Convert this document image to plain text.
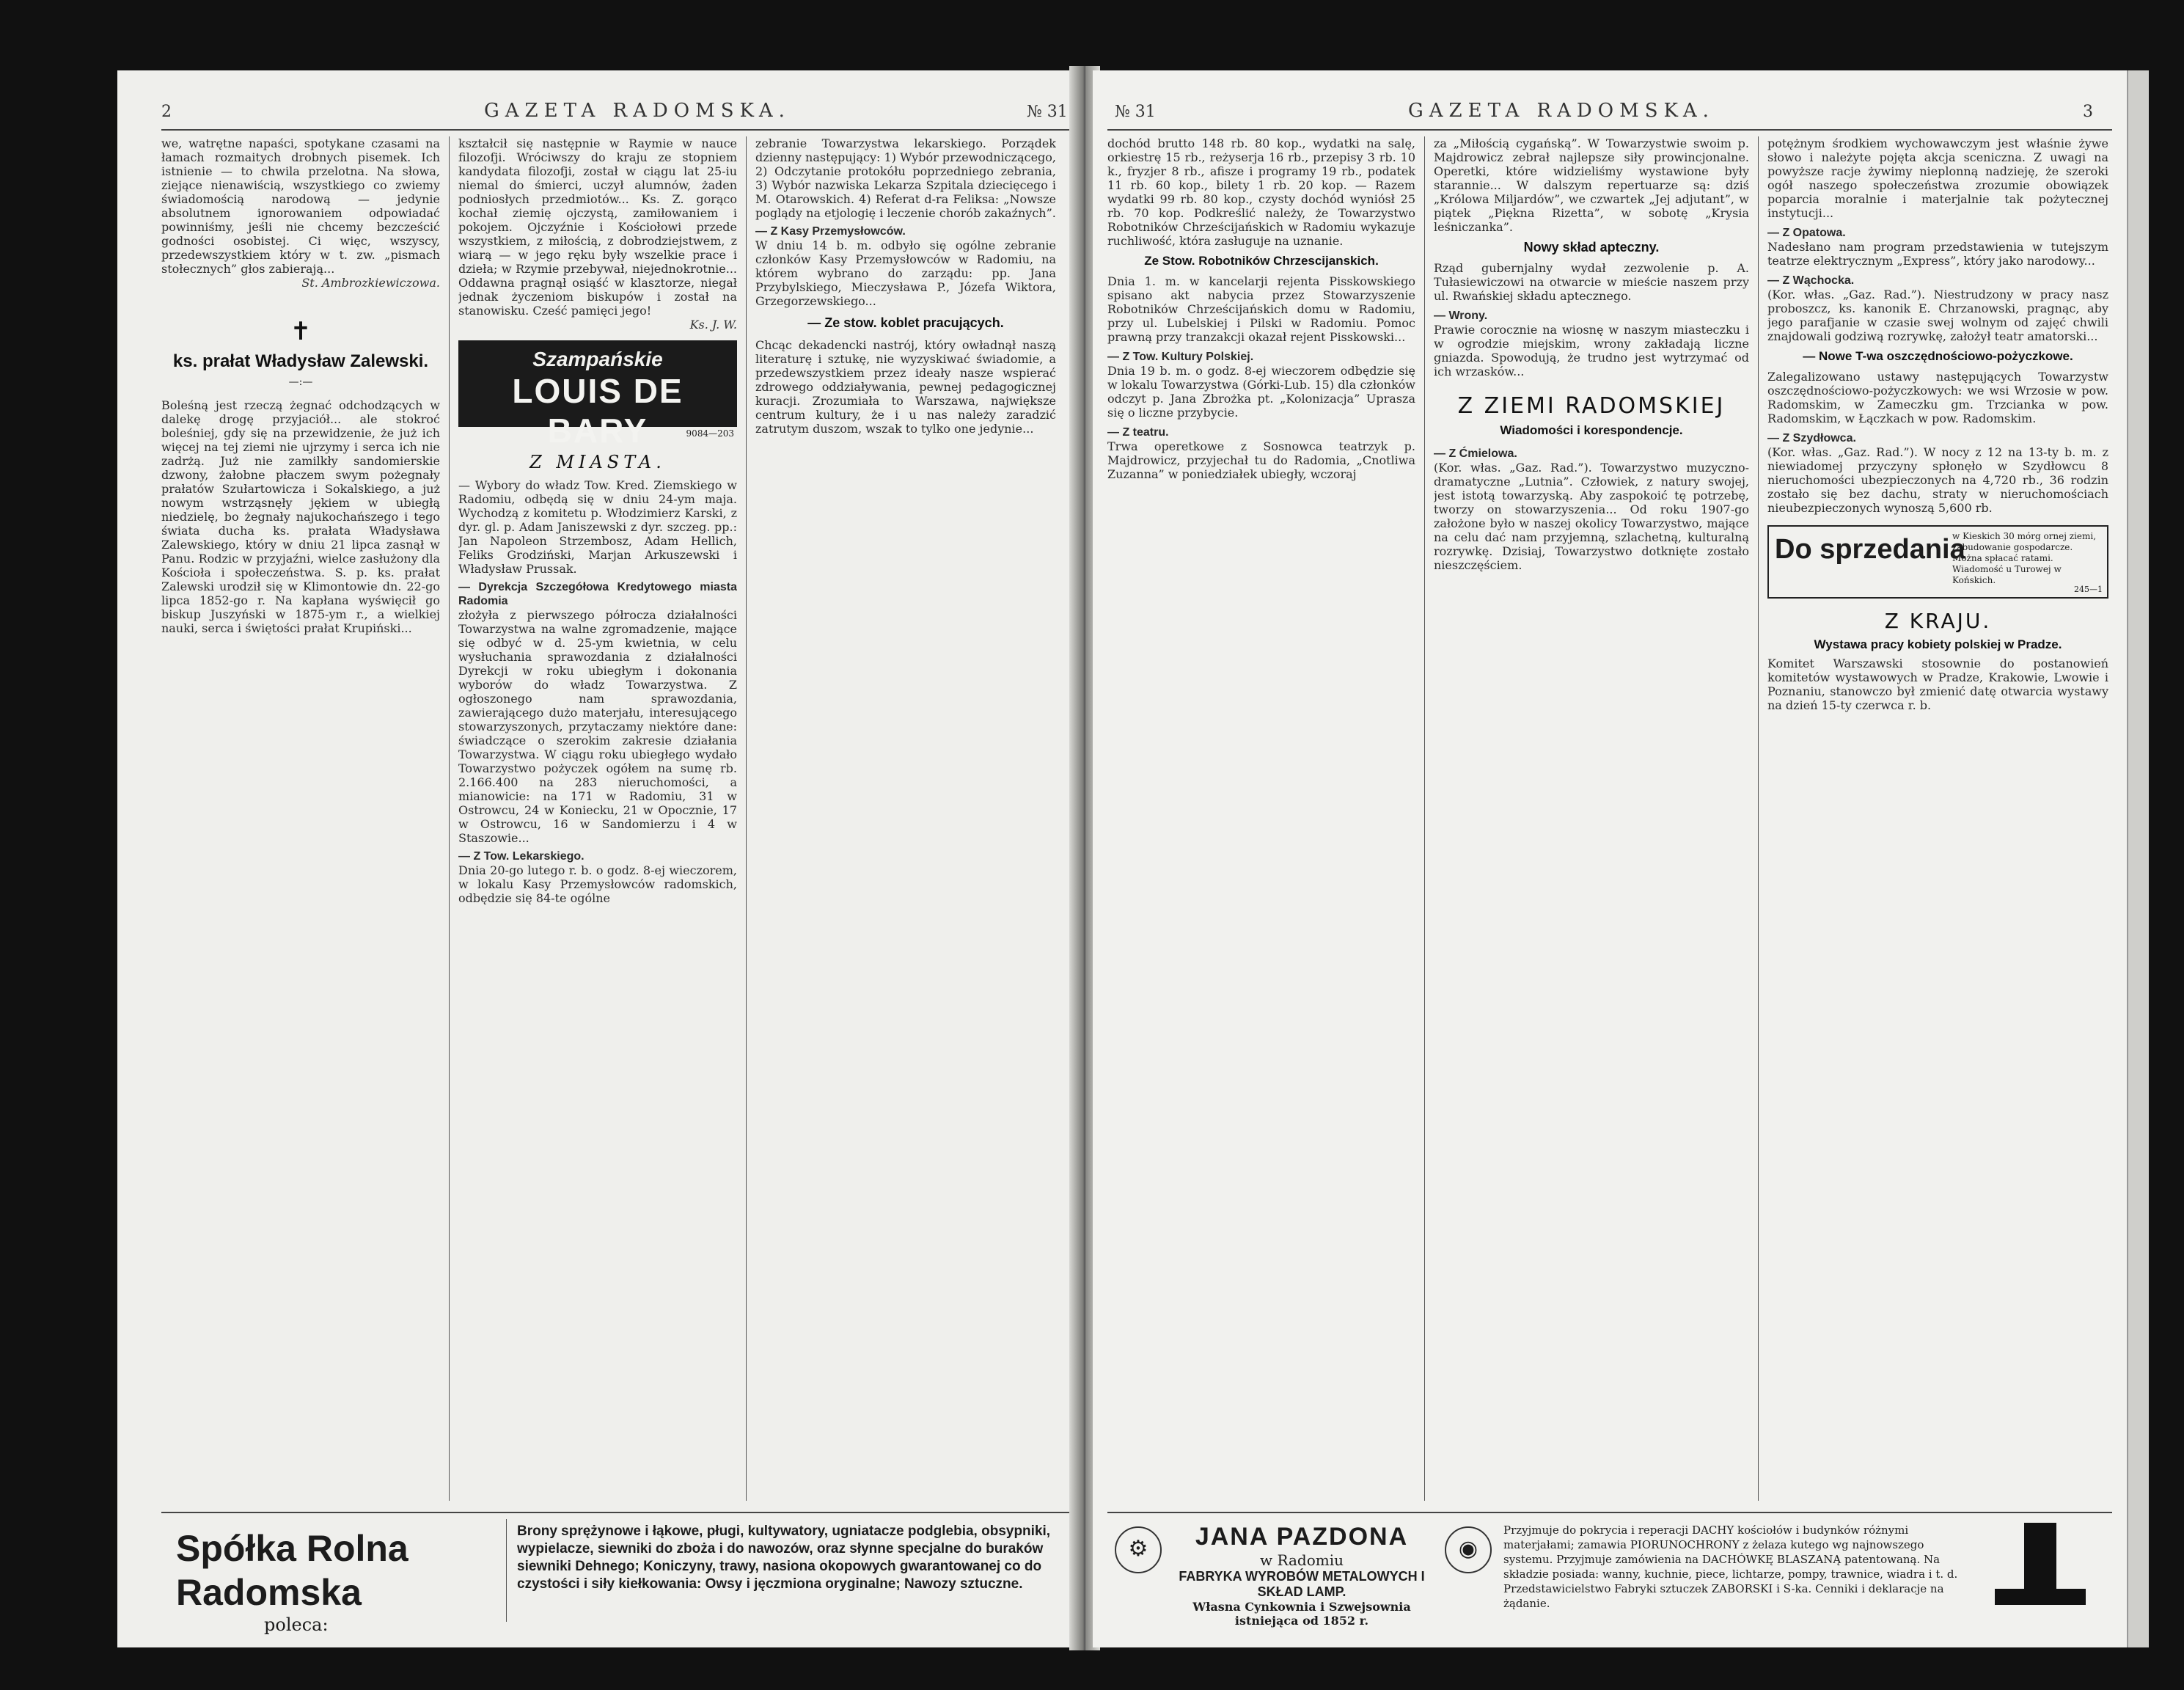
2	GAZETA RADOMSKA.	№ 31
we, watrętne napaści, spotykane czasami na łamach rozmaitych drobnych pisemek. Ich istnienie — to chwila przelotna. Na słowa, ziejące nienawiścią, wszystkiego co zwiemy świadomością narodową — jedynie absolutnem ignorowaniem odpowiadać powinniśmy, jeśli nie chcemy bezcześcić godności osobistej. Ci więc, wszyscy, przedewszystkiem który w t. zw. „pismach stołecznych” głos zabierają...
St. Ambrozkiewiczowa.
✝
ks. prałat Władysław Zalewski.
—:—
Boleśną jest rzeczą żegnać odchodzących w dalekę drogę przyjaciół... ale stokroć boleśniej, gdy się na przewidzenie, że już ich więcej na tej ziemi nie ujrzymy i serca ich nie zadrżą. Już nie zamilkły sandomierskie dzwony, żałobne płaczem swym pożegnały prałatów Szułartowicza i Sokalskiego, a już nowym wstrząsnęły jękiem w ubiegłą niedzielę, bo żegnały najukochańszego i tego świata ducha ks. prałata Władysława Zalewskiego, który w dniu 21 lipca zasnął w Panu. Rodzic w przyjaźni, wielce zasłużony dla Kościoła i społeczeństwa. S. p. ks. prałat Zalewski urodził się w Klimontowie dn. 22-go lipca 1852-go r. Na kapłana wyświęcił go biskup Juszyński w 1875-ym r., a wielkiej nauki, serca i świętości prałat Krupiński...
kształcił się następnie w Raymie w nauce filozofji. Wróciwszy do kraju ze stopniem kandydata filozofji, został w ciągu lat 25-iu niemal do śmierci, uczył alumnów, żaden podniosłych przedmiotów... Ks. Z. gorąco kochał ziemię ojczystą, zamiłowaniem i pokojem. Ojczyźnie i Kościołowi przede wszystkiem, z miłością, z dobrodziejstwem, z wiarą — w jego ręku były wszelkie prace i dzieła; w Rzymie przebywał, niejednokrotnie... Oddawna pragnął osiąść w klasztorze, niegał jednak życzeniom biskupów i został na stanowisku. Cześć pamięci jego!
Ks. J. W.
Szampańskie
LOUIS DE BARY	9084—203
Z MIASTA.
— Wybory do władz Tow. Kred. Ziemskiego w Radomiu, odbędą się w dniu 24-ym maja. Wychodzą z komitetu p. Włodzimierz Karski, z dyr. gl. p. Adam Janiszewski z dyr. szczeg. pp.: Jan Napoleon Strzembosz, Adam Hellich, Feliks Grodziński, Marjan Arkuszewski i Władysław Prussak.
— Dyrekcja Szczegółowa Kredytowego miasta Radomia
złożyła z pierwszego półrocza działalności Towarzystwa na walne zgromadzenie, mające się odbyć w d. 25-ym kwietnia, w celu wysłuchania sprawozdania z działalności Dyrekcji w roku ubiegłym i dokonania wyborów do władz Towarzystwa. Z ogłoszonego nam sprawozdania, zawierającego dużo materjału, interesującego stowarzyszonych, przytaczamy niektóre dane: świadczące o szerokim zakresie działania Towarzystwa. W ciągu roku ubiegłego wydało Towarzystwo pożyczek ogółem na sumę rb. 2.166.400 na 283 nieruchomości, a mianowicie: na 171 w Radomiu, 31 w Ostrowcu, 24 w Koniecku, 21 w Opocznie, 17 w Ostrowcu, 16 w Sandomierzu i 4 w Staszowie...
— Z Tow. Lekarskiego.
Dnia 20-go lutego r. b. o godz. 8-ej wieczorem, w lokalu Kasy Przemysłowców radomskich, odbędzie się 84-te ogólne
zebranie Towarzystwa lekarskiego. Porządek dzienny następujący: 1) Wybór przewodniczącego, 2) Odczytanie protokółu poprzedniego zebrania, 3) Wybór nazwiska Lekarza Szpitala dziecięcego i M. Otarowskich. 4) Referat d-ra Feliksa: „Nowsze poglądy na etjologię i leczenie chorób zakaźnych”.
— Z Kasy Przemysłowców.
W dniu 14 b. m. odbyło się ogólne zebranie członków Kasy Przemysłowców w Radomiu, na którem wybrano do zarządu: pp. Jana Przybylskiego, Mieczysława P., Józefa Wiktora, Grzegorzewskiego...
— Ze stow. koblet pracujących.
Chcąc dekadencki nastrój, który owładnął naszą literaturę i sztukę, nie wyzyskiwać świadomie, a przedewszystkiem przez ideały nasze wspierać zdrowego oddziaływania, pewnej pedagogicznej kuracji. Zrozumiała to Warszawa, największe centrum kultury, że i u nas należy zaradzić zatrutym duszom, wszak to tylko one jedynie...
Spółka Rolna Radomska
poleca:
Brony sprężynowe i łąkowe, pługi, kultywatory, ugniatacze podglebia, obsypniki, wypielacze, siewniki do zboża i do nawozów, oraz słynne specjalne do buraków siewniki Dehnego; Koniczyny, trawy, nasiona okopowych gwarantowanej co do czystości i siły kiełkowania: Owsy i jęczmiona oryginalne; Nawozy sztuczne.
№ 31	GAZETA RADOMSKA.	3
dochód brutto 148 rb. 80 kop., wydatki na salę, orkiestrę 15 rb., reżyserja 16 rb., przepisy 3 rb. 10 k., fryzjer 8 rb., afisze i programy 19 rb., podatek 11 rb. 60 kop., bilety 1 rb. 20 kop. — Razem wydatki 99 rb. 80 kop., czysty dochód wyniósł 25 rb. 70 kop. Podkreślić należy, że Towarzystwo Robotników Chrześcijańskich w Radomiu wykazuje ruchliwość, która zasługuje na uznanie.
Ze Stow. Robotników Chrzescijanskich.
Dnia 1. m. w kancelarji rejenta Pisskowskiego spisano akt nabycia przez Stowarzyszenie Robotników Chrześcijańskich domu w Radomiu, przy ul. Lubelskiej i Pilski w Radomiu. Pomoc prawną przy tranzakcji okazał rejent Pisskowski...
— Z Tow. Kultury Polskiej.
Dnia 19 b. m. o godz. 8-ej wieczorem odbędzie się w lokalu Towarzystwa (Górki-Lub. 15) dla członków odczyt p. Jana Zbrożka pt. „Kolonizacja” Uprasza się o liczne przybycie.
— Z teatru.
Trwa operetkowe z Sosnowca teatrzyk p. Majdrowicz, przyjechał tu do Radomia, „Cnotliwa Zuzanna” w poniedziałek ubiegły, wczoraj
za „Miłością cygańską”. W Towarzystwie swoim p. Majdrowicz zebrał najlepsze siły prowincjonalne. Operetki, które widzieliśmy wystawione były starannie... W dalszym repertuarze są: dziś „Królowa Miljardów”, we czwartek „Jej adjutant”, w piątek „Piękna Rizetta”, w sobotę „Krysia leśniczanka”.
Nowy skład apteczny.
Rząd gubernjalny wydał zezwolenie p. A. Tułasiewiczowi na otwarcie w mieście naszem przy ul. Rwańskiej składu aptecznego.
— Wrony.
Prawie corocznie na wiosnę w naszym miasteczku i w ogrodzie miejskim, wrony zakładają liczne gniazda. Spowodują, że trudno jest wytrzymać od ich wrzasków...
Z ZIEMI RADOMSKIEJ
Wiadomości i korespondencje.
— Z Ćmielowa.
(Kor. włas. „Gaz. Rad.”). Towarzystwo muzyczno-dramatyczne „Lutnia”. Człowiek, z natury swojej, jest istotą towarzyską. Aby zaspokoić tę potrzebę, tworzy on stowarzyszenia... Od roku 1907-go założone było w naszej okolicy Towarzystwo, mające na celu dać nam przyjemną, szlachetną, kulturalną rozrywkę. Dzisiaj, Towarzystwo dotknięte zostało nieszczęściem.
potężnym środkiem wychowawczym jest właśnie żywe słowo i należyte pojęta akcja sceniczna. Z uwagi na powyższe racje żywimy nieplonną nadzieję, że szeroki ogół naszego społeczeństwa zrozumie obowiązek poparcia moralnie i materjalnie tak pożytecznej instytucji...
— Z Opatowa.
Nadesłano nam program przedstawienia w tutejszym teatrze elektrycznym „Express”, który jako narodowy...
— Z Wąchocka.
(Kor. włas. „Gaz. Rad.”). Niestrudzony w pracy nasz proboszcz, ks. kanonik E. Chrzanowski, pragnąc, aby jego parafjanie w czasie swej wolnym od zajęć chwili znajdowali godziwą rozrywkę, założył teatr amatorski...
— Nowe T-wa oszczędnościowo-pożyczkowe.
Zalegalizowano ustawy następujących Towarzystw oszczędnościowo-pożyczkowych: we wsi Wrzosie w pow. Radomskim, w Zameczku gm. Trzcianka w pow. Radomskim, w Łączkach w pow. Radomskim.
— Z Szydłowca.
(Kor. włas. „Gaz. Rad.”). W nocy z 12 na 13-ty b. m. z niewiadomej przyczyny spłonęło w Szydłowcu 8 nieruchomości ubezpieczonych na 4,720 rb., 36 rodzin zostało się bez dachu, straty w nieruchomościach nieubezpieczonych wynoszą 5,600 rb.
Do sprzedania
w Kieskich 30 mórg ornej ziemi, zabudowanie gospodarcze. Można spłacać ratami. Wiadomość u Turowej w Końskich.
245—1
Z KRAJU.
Wystawa pracy kobiety polskiej w Pradze.
Komitet Warszawski stosownie do postanowień komitetów wystawowych w Pradze, Krakowie, Lwowie i Poznaniu, stanowczo był zmienić datę otwarcia wystawy na dzień 15-ty czerwca r. b.
⚙	JANA PAZDONA
w Radomiu
FABRYKA WYROBÓW METALOWYCH I SKŁAD LAMP.
Własna Cynkownia i Szwejsownia istniejąca od 1852 r.
◉
Przyjmuje do pokrycia i reperacji DACHY kościołów i budynków różnymi materjałami; zamawia PIORUNOCHRONY z żelaza kutego wg najnowszego systemu. Przyjmuje zamówienia na DACHÓWKĘ BLASZANĄ patentowaną. Na składzie posiada: wanny, kuchnie, piece, lichtarze, pompy, trawnice, wiadra i t. d. Przedstawicielstwo Fabryki sztuczek ZABORSKI i S-ka. Cenniki i deklaracje na żądanie.
